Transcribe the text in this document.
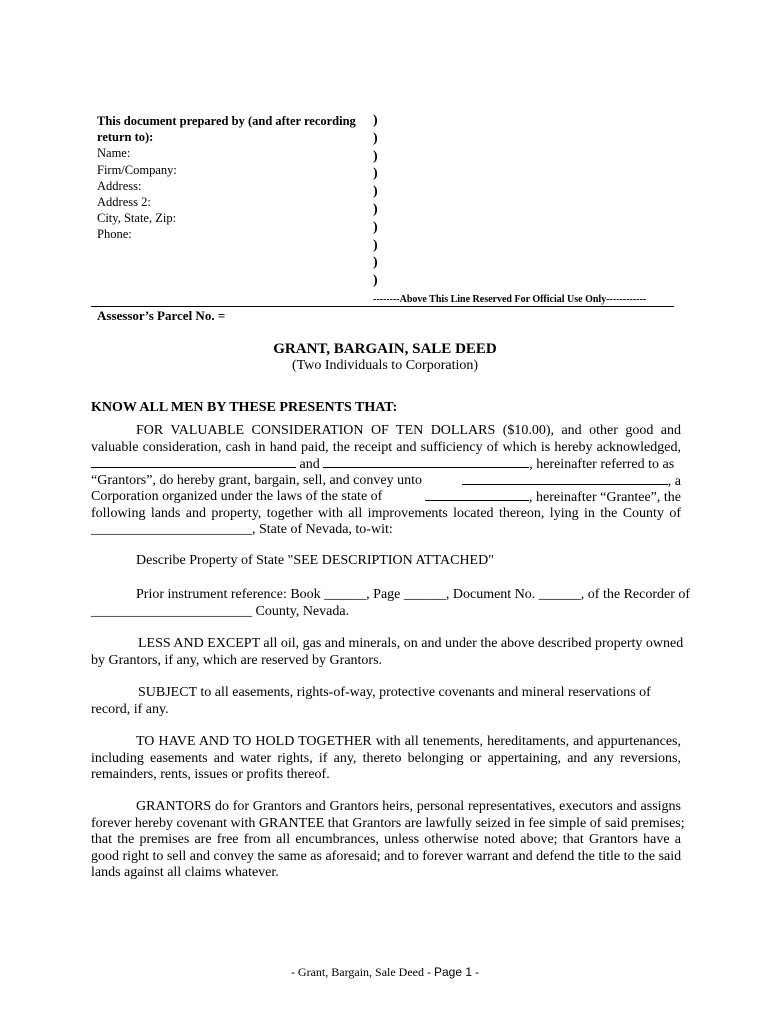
This document prepared by (and after recording
return to):
Name:
Firm/Company:
Address:
Address 2:
City, State, Zip:
Phone:
)
)
)
)
)
)
)
)
)
)
--------Above This Line Reserved For Official Use Only------------
Assessor’s Parcel No. =
GRANT, BARGAIN, SALE DEED
(Two Individuals to Corporation)
KNOW ALL MEN BY THESE PRESENTS THAT:
FOR VALUABLE CONSIDERATION OF TEN DOLLARS ($10.00), and other good and
valuable consideration, cash in hand paid, the receipt and sufficiency of which is hereby acknowledged,
and	, hereinafter referred to as
“Grantors”, do hereby grant, bargain, sell, and convey unto	, a
Corporation organized under the laws of the state of	, hereinafter “Grantee”, the
following lands and property, together with all improvements located thereon, lying in the County of
_______________________, State of Nevada, to-wit:
Describe Property of State "SEE DESCRIPTION ATTACHED"
Prior instrument reference: Book ______, Page ______, Document No. ______, of the Recorder of
_______________________ County, Nevada.
LESS AND EXCEPT all oil, gas and minerals, on and under the above described property owned
by Grantors, if any, which are reserved by Grantors.
SUBJECT to all easements, rights-of-way, protective covenants and mineral reservations of
record, if any.
TO HAVE AND TO HOLD TOGETHER with all tenements, hereditaments, and appurtenances,
including easements and water rights, if any, thereto belonging or appertaining, and any reversions,
remainders, rents, issues or profits thereof.
GRANTORS do for Grantors and Grantors heirs, personal representatives, executors and assigns
forever hereby covenant with GRANTEE that Grantors are lawfully seized in fee simple of said premises;
that the premises are free from all encumbrances, unless otherwise noted above; that Grantors have a
good right to sell and convey the same as aforesaid; and to forever warrant and defend the title to the said
lands against all claims whatever.
- Grant, Bargain, Sale Deed - Page 1 -
